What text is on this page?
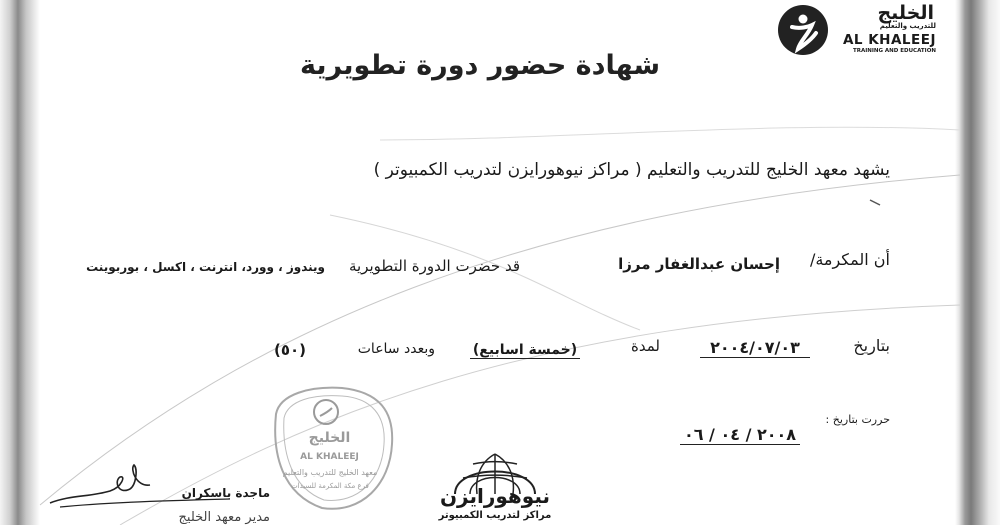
الخليج
للتدريب والتعليم
AL KHALEEJ
TRAINING AND EDUCATION
شهادة حضور دورة تطويرية
يشهد معهد الخليج للتدريب والتعليم ( مراكز نيوهورايزن لتدريب الكمبيوتر )
أن المكرمة/
إحسان عبدالغفار مرزا
قد حضرت الدورة التطويرية
ويندوز ، وورد، انترنت ، اكسل ، بوربوينت
بتاريخ
٢٠٠٤/٠٧/٠٣
لمدة
(خمسة اسابيع)
وبعدد ساعات
(٥٠)
حررت بتاريخ :
٢٠٠٨ / ٠٤ / ٠٦
ماجدة باسكران
مدير معهد الخليج
الخليج
AL KHALEEJ
معهد الخليج للتدريب والتعليم
فرع مكة المكرمة للسيدات	نيوهورايزن
مراكز لتدريب الكمبيوتر
